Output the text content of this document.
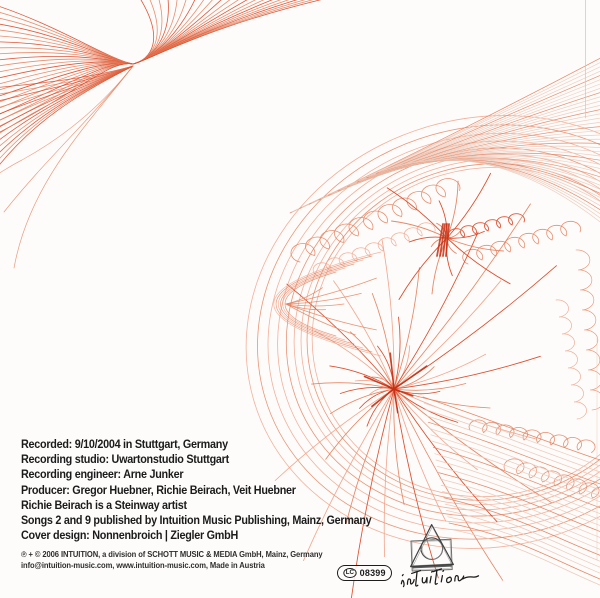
Recorded: 9/10/2004 in Stuttgart, Germany
Recording studio: Uwartonstudio Stuttgart
Recording engineer: Arne Junker
Producer: Gregor Huebner, Richie Beirach, Veit Huebner
Richie Beirach is a Steinway artist
Songs 2 and 9 published by Intuition Music Publishing, Mainz, Germany
Cover design: Nonnenbroich | Ziegler GmbH
℗ + © 2006 INTUITION, a division of SCHOTT MUSIC & MEDIA GmbH, Mainz, Germany
info@intuition-music.com, www.intuition-music.com, Made in Austria
LC 08399
